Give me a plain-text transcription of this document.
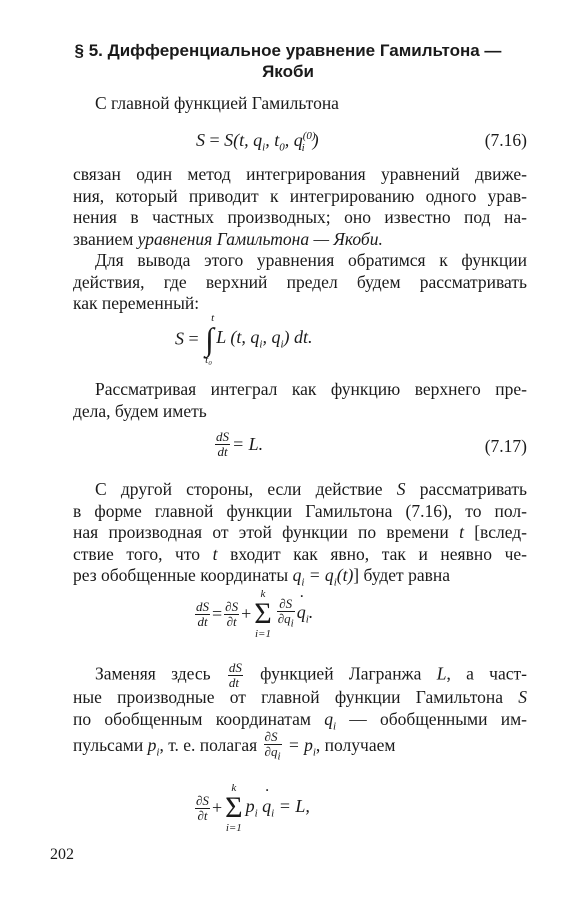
§ 5. Дифференциальное уравнение Гамильтона —
Якоби
С главной функцией Гамильтона
S = S(t, $q_i$, $t_0$, $q^{(0)}_i$ )	(7.16)
связан один метод интегрирования уравнений движе-
ния, который приводит к интегрированию одного урав-
нения в частных производных; оно известно под на-
званием уравнения Гамильтона — Якоби.
Для вывода этого уравнения обратимся к функции
действия, где верхний предел будем рассматривать
как переменный:
S =
t
∫
t₀
L (t, $q_i$, $q_i$) dt.
Рассматривая интеграл как функцию верхнего пре-
дела, будем иметь
$\frac{dS}{dt} = L$.	(7.17)
С другой стороны, если действие S рассматривать
в форме главной функции Гамильтона (7.16), то пол-
ная производная от этой функции по времени t [вслед-
ствие того, что t входит как явно, так и неявно че-
рез обобщенные координаты $q_i = q_i(t)$] будет равна
$\frac{dS}{dt} = \frac{\partial S}{\partial t}$ +
k
Σ
i=1
$\frac{\partial S}{\partial q_i}$ ˙ $q_i$.
Заменяя здесь $\frac{dS}{dt}$ функцией Лагранжа L, а част-
ные производные от главной функции Гамильтона S
по обобщенным координатам $q_i$ — обобщенными им-
пульсами $p_i$, т. е. полагая $\frac{\partial S}{\partial q_i} = p_i$, получаем
$\frac{\partial S}{\partial t}$ +
k
Σ
i=1
$p_i$ ˙ $q_i = L$,
202
